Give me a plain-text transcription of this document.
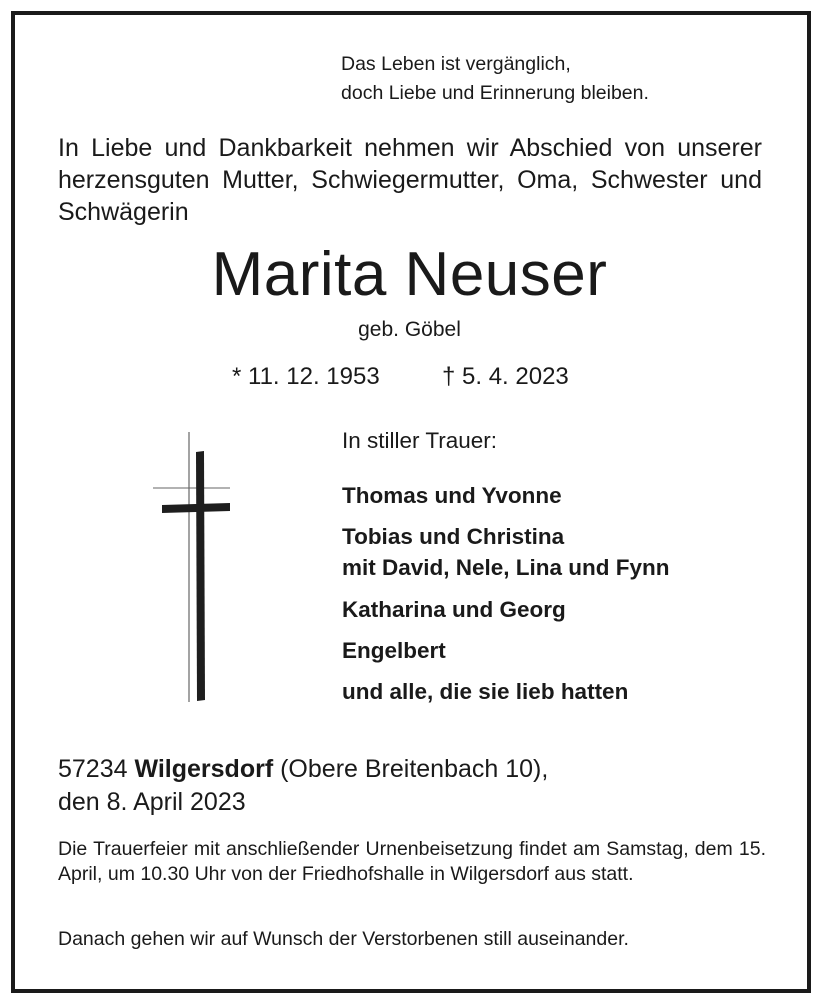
Das Leben ist vergänglich,
doch Liebe und Erinnerung bleiben.
In Liebe und Dankbarkeit nehmen wir Abschied von unserer herzensguten Mutter, Schwiegermutter, Oma, Schwester und Schwägerin
Marita Neuser
geb. Göbel
* 11. 12. 1953	† 5. 4. 2023
In stiller Trauer:
Thomas und Yvonne
Tobias und Christina
mit David, Nele, Lina und Fynn
Katharina und Georg
Engelbert
und alle, die sie lieb hatten
57234 Wilgersdorf (Obere Breitenbach 10),
den 8. April 2023
Die Trauerfeier mit anschließender Urnenbeisetzung findet am Samstag, dem 15. April, um 10.30 Uhr von der Friedhofshalle in Wilgersdorf aus statt.
Danach gehen wir auf Wunsch der Verstorbenen still auseinander.
